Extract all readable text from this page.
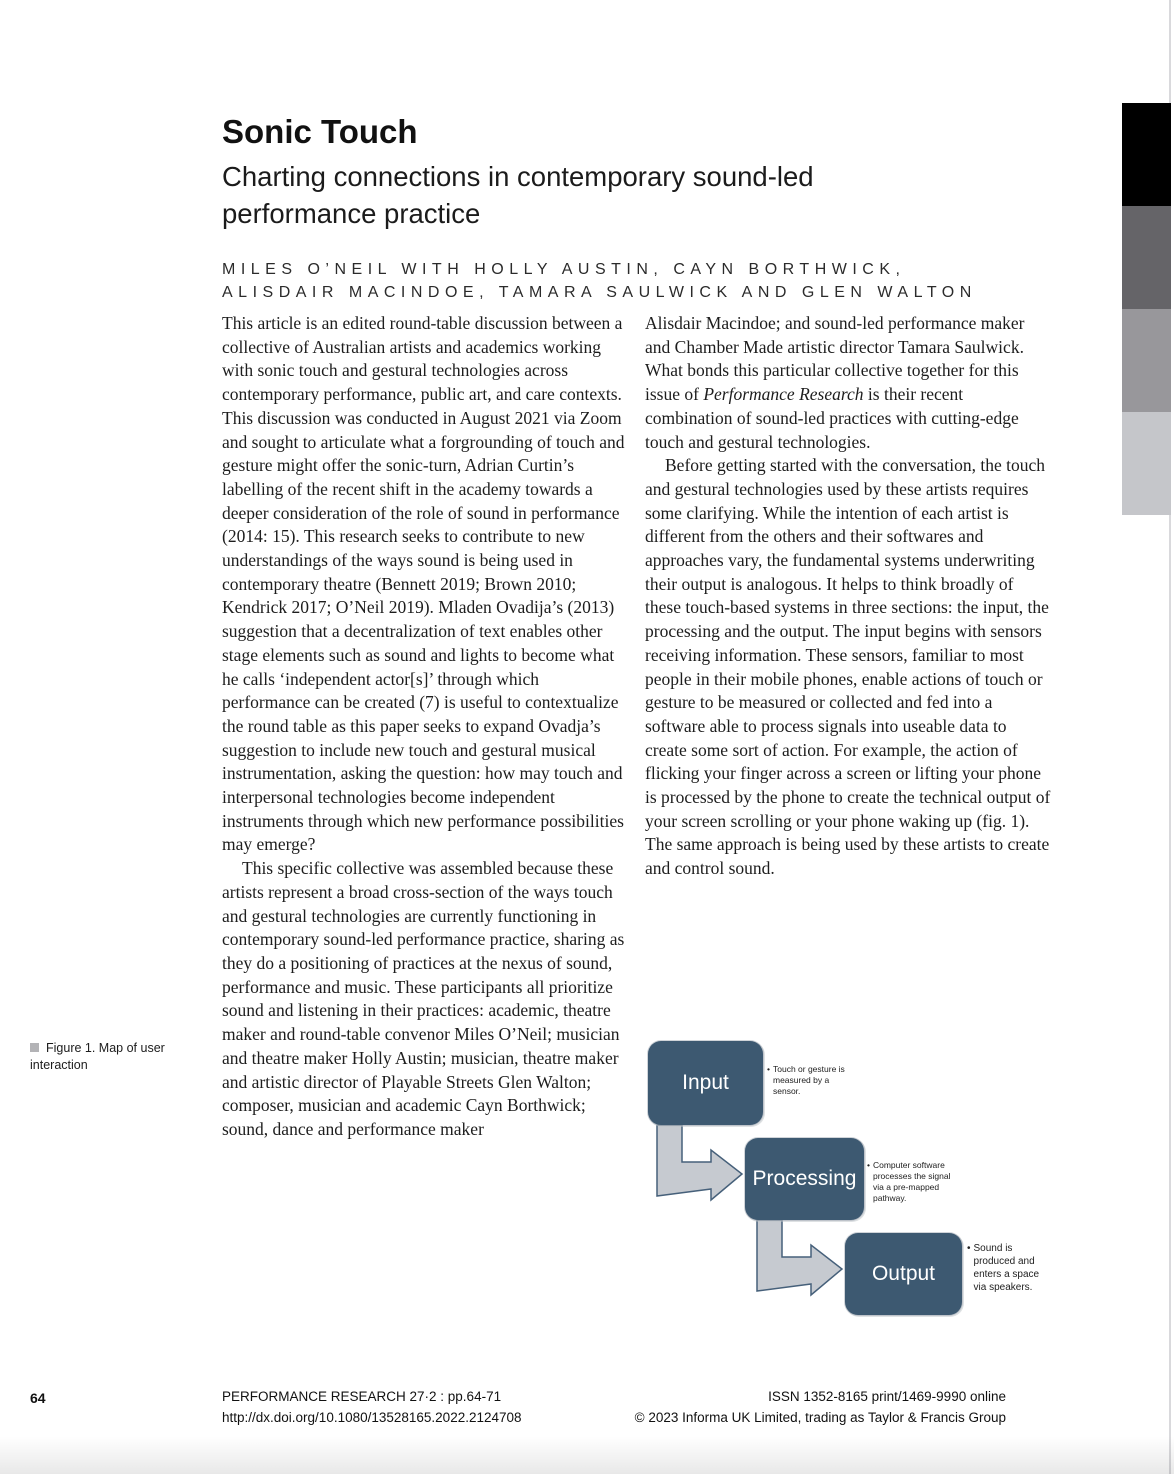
Sonic Touch
Charting connections in contemporary sound-led performance practice
MILES O’NEIL WITH HOLLY AUSTIN, CAYN BORTHWICK,
ALISDAIR MACINDOE, TAMARA SAULWICK AND GLEN WALTON

This article is an edited round-table discussion between a collective of Australian artists and academics working with sonic touch and gestural technologies across contemporary performance, public art, and care contexts. This discussion was conducted in August 2021 via Zoom and sought to articulate what a forgrounding of touch and gesture might offer the sonic-turn, Adrian Curtin’s labelling of the recent shift in the academy towards a deeper consideration of the role of sound in performance (2014: 15). This research seeks to contribute to new understandings of the ways sound is being used in contemporary theatre (Bennett 2019; Brown 2010; Kendrick 2017; O’Neil 2019). Mladen Ovadija’s (2013) suggestion that a decentralization of text enables other stage elements such as sound and lights to become what he calls ‘independent actor[s]’ through which performance can be created (7) is useful to contextualize the round table as this paper seeks to expand Ovadja’s suggestion to include new touch and gestural musical instrumentation, asking the question: how may touch and interpersonal technologies become independent instruments through which new performance possibilities may emerge?

This specific collective was assembled because these artists represent a broad cross-section of the ways touch and gestural technologies are currently functioning in contemporary sound-led performance practice, sharing as they do a positioning of practices at the nexus of sound, performance and music. These participants all prioritize sound and listening in their practices: academic, theatre maker and round-table convenor Miles O’Neil; musician and theatre maker Holly Austin; musician, theatre maker and artistic director of Playable Streets Glen Walton; composer, musician and academic Cayn Borthwick; sound, dance and performance maker

Alisdair Macindoe; and sound-led performance maker and Chamber Made artistic director Tamara Saulwick. What bonds this particular collective together for this issue of Performance Research is their recent combination of sound-led practices with cutting-edge touch and gestural technologies.

Before getting started with the conversation, the touch and gestural technologies used by these artists requires some clarifying. While the intention of each artist is different from the others and their softwares and approaches vary, the fundamental systems underwriting their output is analogous. It helps to think broadly of these touch-based systems in three sections: the input, the processing and the output. The input begins with sensors receiving information. These sensors, familiar to most people in their mobile phones, enable actions of touch or gesture to be measured or collected and fed into a software able to process signals into useable data to create some sort of action. For example, the action of flicking your finger across a screen or lifting your phone is processed by the phone to create the technical output of your screen scrolling or your phone waking up (fig. 1). The same approach is being used by these artists to create and control sound.

Figure 1. Map of user interaction
Input
Processing
Output
• Touch or gesture is measured by a sensor.
• Computer software processes the signal via a pre-mapped pathway.
• Sound is produced and enters a space via speakers.
64	PERFORMANCE RESEARCH 27·2 : pp.64-71
http://dx.doi.org/10.1080/13528165.2022.2124708
ISSN 1352-8165 print/1469-9990 online
© 2023 Informa UK Limited, trading as Taylor & Francis Group
